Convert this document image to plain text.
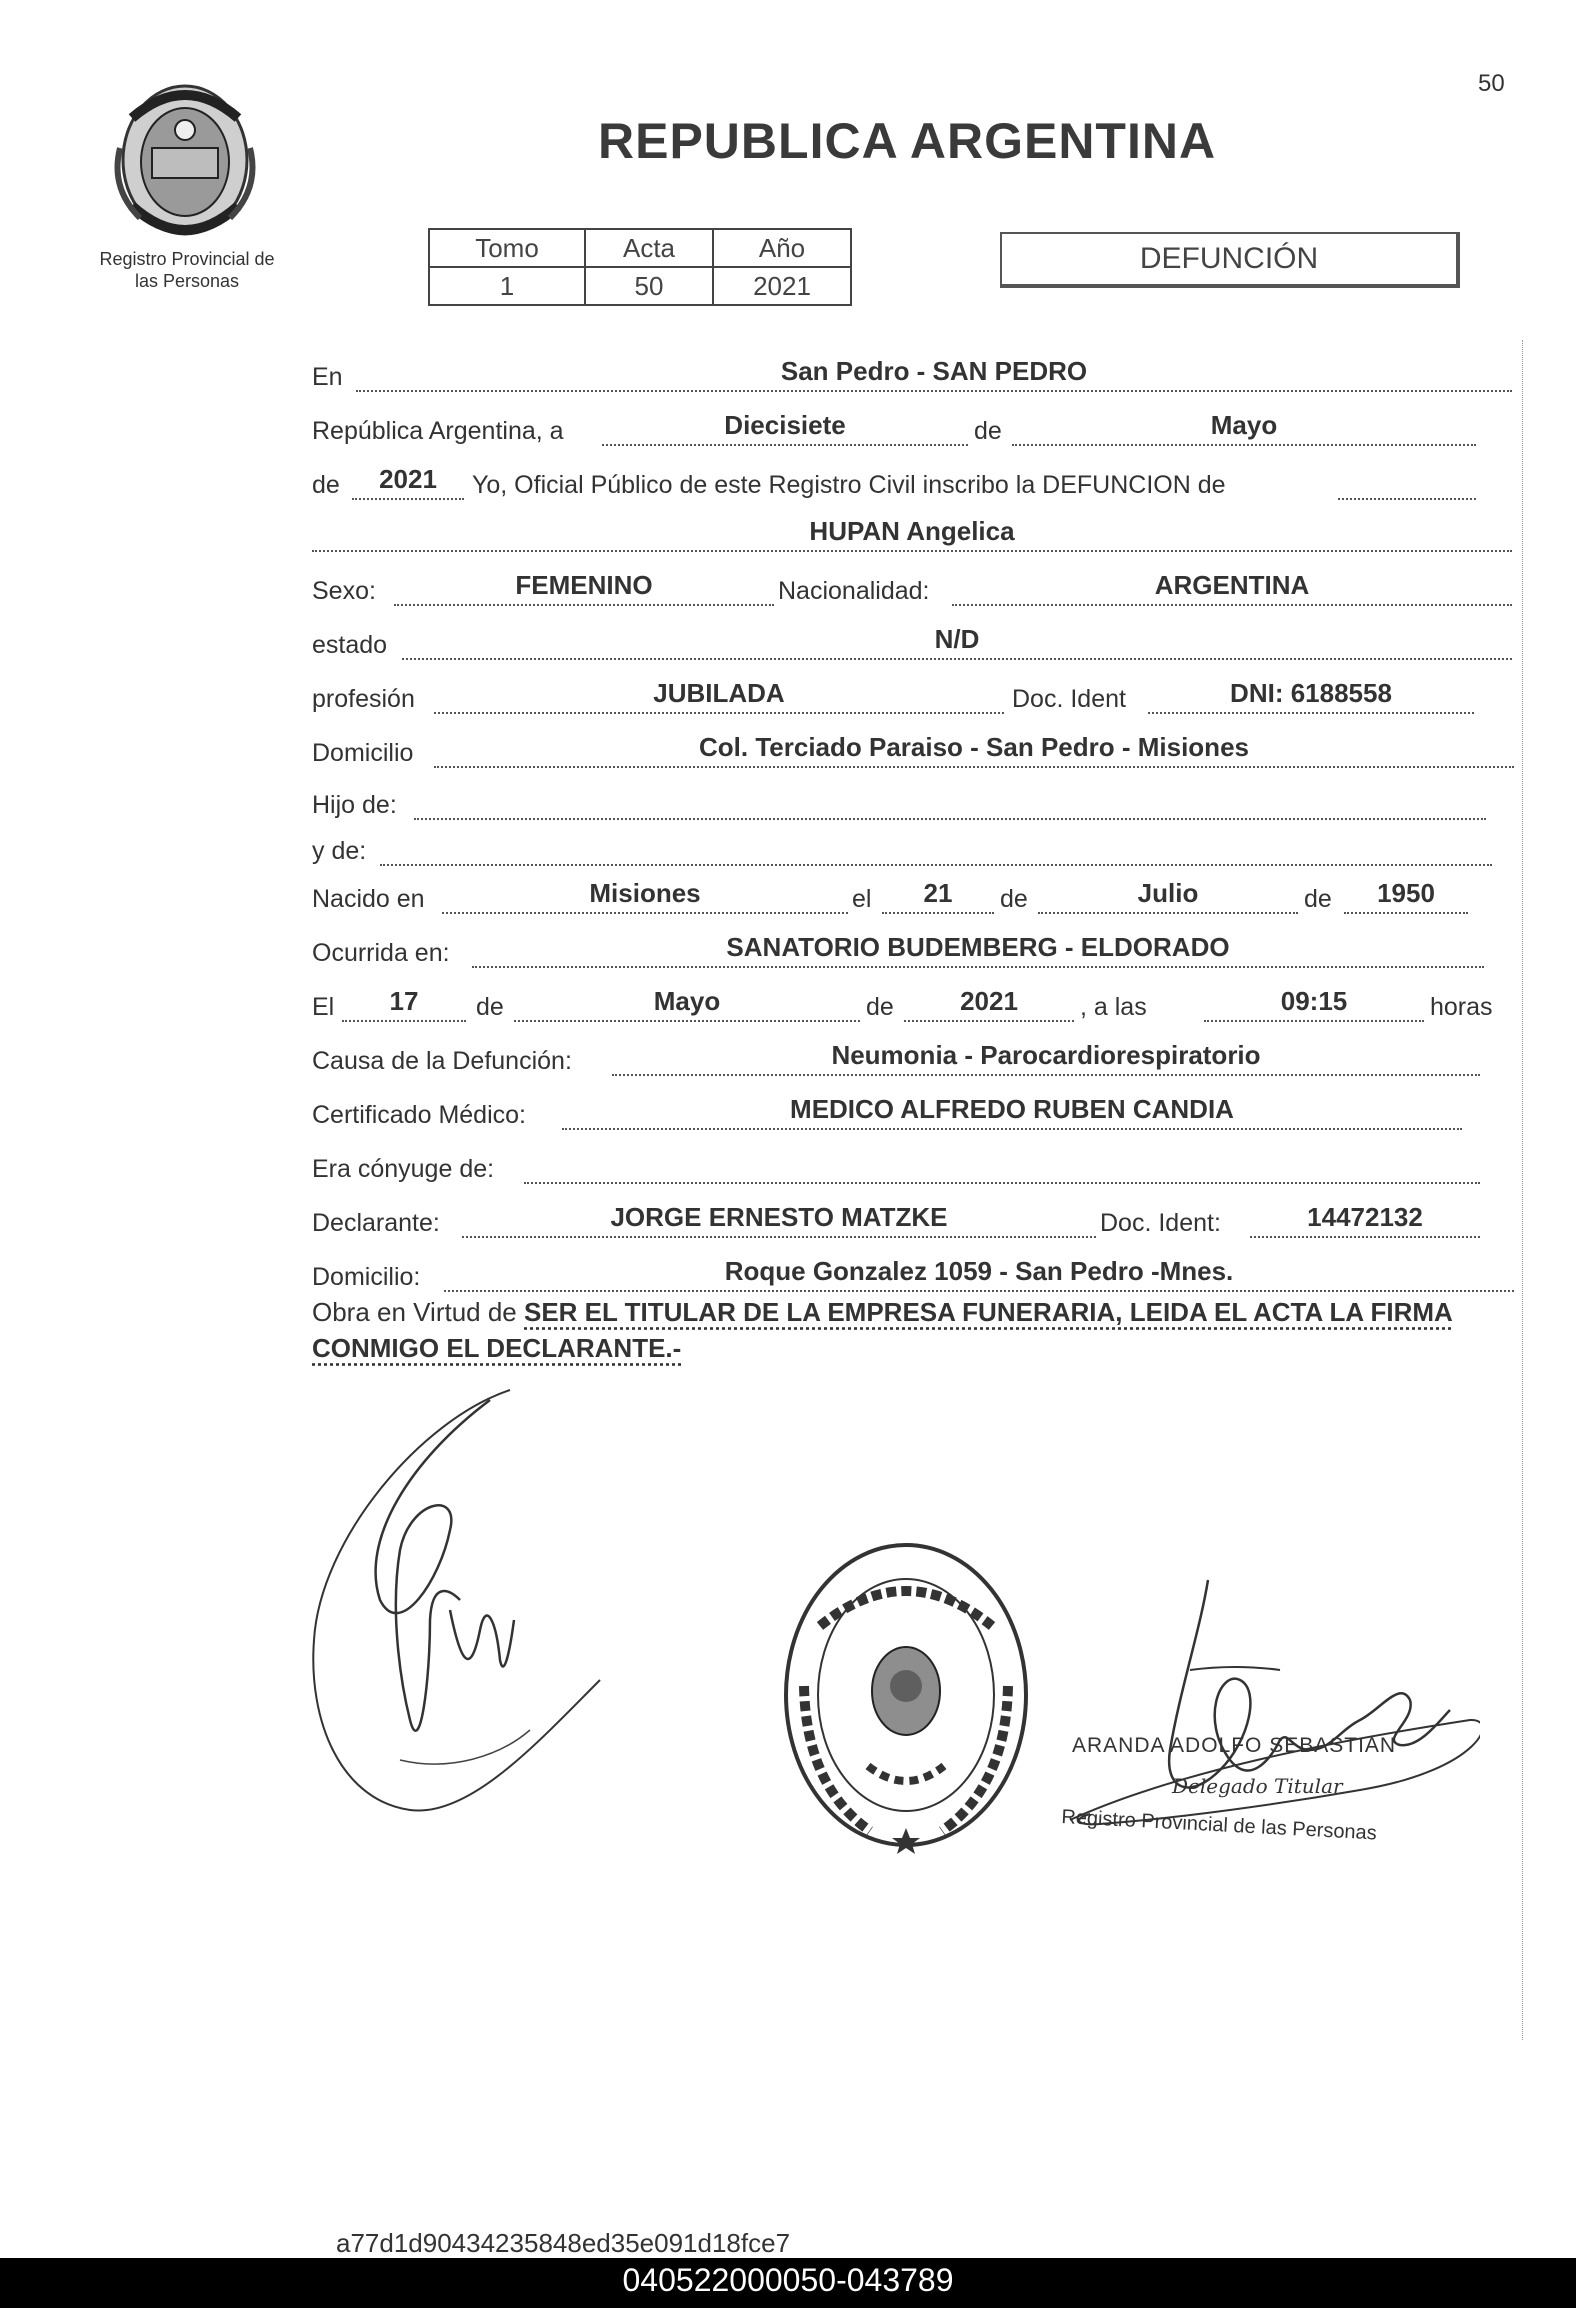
50
Registro Provincial de
las Personas
REPUBLICA ARGENTINA
Tomo	Acta	Año
1	50	2021
DEFUNCIÓN
En	San Pedro - SAN PEDRO
República Argentina, a	Diecisiete	de	Mayo
de	2021	Yo, Oficial Público de este Registro Civil inscribo la DEFUNCION de
HUPAN Angelica
Sexo:	FEMENINO	Nacionalidad:	ARGENTINA
estado	N/D
profesión	JUBILADA	Doc. Ident	DNI: 6188558
Domicilio	Col. Terciado Paraiso - San Pedro - Misiones
Hijo de:
y de:
Nacido en	Misiones	el	21	de	Julio	de	1950
Ocurrida en:	SANATORIO BUDEMBERG - ELDORADO
El	17	de	Mayo	de	2021	, a las	09:15	horas
Causa de la Defunción:	Neumonia - Parocardiorespiratorio
Certificado Médico:	MEDICO ALFREDO RUBEN CANDIA
Era cónyuge de:
Declarante:	JORGE ERNESTO MATZKE	Doc. Ident:	14472132
Domicilio:	Roque Gonzalez 1059 - San Pedro -Mnes.
Obra en Virtud de SER EL TITULAR DE LA EMPRESA FUNERARIA, LEIDA EL ACTA LA FIRMA CONMIGO EL DECLARANTE.-
ARANDA ADOLFO SEBASTIAN
Delegado Titular
Registro Provincial de las Personas
a77d1d90434235848ed35e091d18fce7
040522000050-043789
